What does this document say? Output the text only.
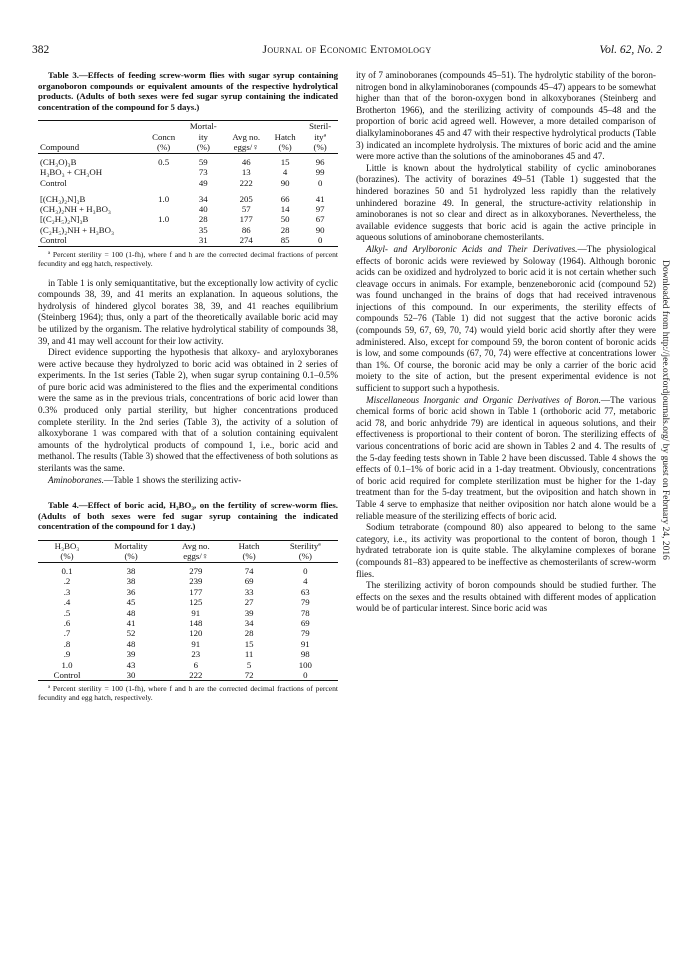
382	Journal of Economic Entomology	Vol. 62, No. 2

Table 3.—Effects of feeding screw-worm flies with sugar syrup containing organoboron compounds or equivalent amounts of the respective hydrolytical products. (Adults of both sexes were fed sugar syrup containing the indicated concentration of the compound for 5 days.)

		Mortal-			Steril-
	Concn	ity	Avg no.	Hatch	ityª
Compound	(%)	(%)	eggs/♀	(%)	(%)
(CH₃O)₃B	0.5	59	46	15	96
H₃BO₃ + CH₃OH		73	13	4	99
Control		49	222	90	0
[(CH₃)₂N]₃B	1.0	34	205	66	41
(CH₃)₂NH + H₃BO₃		40	57	14	97
[(C₂H₅)₂N]₃B	1.0	28	177	50	67
(C₂H₅)₂NH + H₃BO₃		35	86	28	90
Control		31	274	85	0

ª Percent sterility = 100 (1-fh), where f and h are the corrected decimal fractions of percent fecundity and egg hatch, respectively.

in Table 1 is only semiquantitative, but the exceptionally low activity of cyclic compounds 38, 39, and 41 merits an explanation. In aqueous solutions, the hydrolysis of hindered glycol borates 38, 39, and 41 reaches equilibrium (Steinberg 1964); thus, only a part of the theoretically available boric acid may be utilized by the organism. The relative hydrolytical stability of compounds 38, 39, and 41 may well account for their low activity.

Direct evidence supporting the hypothesis that alkoxy- and aryloxyboranes were active because they hydrolyzed to boric acid was obtained in 2 series of experiments. In the 1st series (Table 2), when sugar syrup containing 0.1–0.5% of pure boric acid was administered to the flies and the experimental conditions were the same as in the previous trials, concentrations of boric acid lower than 0.3% produced only partial sterility, but higher concentrations produced complete sterility. In the 2nd series (Table 3), the activity of a solution of alkoxyborane 1 was compared with that of a solution containing equivalent amounts of the hydrolytical products of compound 1, i.e., boric acid and methanol. The results (Table 3) showed that the effectiveness of both solutions as sterilants was the same.

Aminoboranes.—Table 1 shows the sterilizing activ-

Table 4.—Effect of boric acid, H₃BO₃, on the fertility of screw-worm flies. (Adults of both sexes were fed sugar syrup containing the indicated concentration of the compound for 1 day.)

H₃BO₃	Mortality	Avg no.	Hatch	Sterilityª
(%)	(%)	eggs/♀	(%)	(%)
0.1	38	279	74	0
.2	38	239	69	4
.3	36	177	33	63
.4	45	125	27	79
.5	48	91	39	78
.6	41	148	34	69
.7	52	120	28	79
.8	48	91	15	91
.9	39	23	11	98
1.0	43	6	5	100
Control	30	222	72	0

ª Percent sterility = 100 (1-fh), where f and h are the corrected decimal fractions of percent fecundity and egg hatch, respectively.

ity of 7 aminoboranes (compounds 45–51). The hydrolytic stability of the boron-nitrogen bond in alkylaminoboranes (compounds 45–47) appears to be somewhat higher than that of the boron-oxygen bond in alkoxyboranes (Steinberg and Brotherton 1966), and the sterilizing activity of compounds 45–48 and the proportion of boric acid agreed well. However, a more detailed comparison of dialkylaminoboranes 45 and 47 with their respective hydrolytical products (Table 3) indicated an incomplete hydrolysis. The mixtures of boric acid and the amine were more active than the solutions of the aminoboranes 45 and 47.

Little is known about the hydrolytical stability of cyclic aminoboranes (borazines). The activity of borazines 49–51 (Table 1) suggested that the hindered borazines 50 and 51 hydrolyzed less rapidly than the relatively unhindered borazine 49. In general, the structure-activity relationship in aminoboranes is not so clear and direct as in alkoxyboranes. Nevertheless, the available evidence suggests that boric acid is again the active principle in aqueous solutions of aminoborane chemosterilants.

Alkyl- and Arylboronic Acids and Their Derivatives.—The physiological effects of boronic acids were reviewed by Soloway (1964). Although boronic acids can be oxidized and hydrolyzed to boric acid it is not certain whether such cleavage occurs in animals. For example, benzeneboronic acid (compound 52) was found unchanged in the brains of dogs that had received intravenous injections of this compound. In our experiments, the sterility effects of compounds 52–76 (Table 1) did not suggest that the active boronic acids (compounds 59, 67, 69, 70, 74) would yield boric acid shortly after they were administered. Also, except for compound 59, the boron content of boronic acids is low, and some compounds (67, 70, 74) were effective at concentrations lower than 1%. Of course, the boronic acid may be only a carrier of the boric acid moiety to the site of action, but the present experimental evidence is not sufficient to support such a hypothesis.

Miscellaneous Inorganic and Organic Derivatives of Boron.—The various chemical forms of boric acid shown in Table 1 (orthoboric acid 77, metaboric acid 78, and boric anhydride 79) are identical in aqueous solutions, and their effectiveness is proportional to their content of boron. The sterilizing effects of various concentrations of boric acid are shown in Tables 2 and 4. The results of the 5-day feeding tests shown in Table 2 have been discussed. Table 4 shows the effects of 0.1–1% of boric acid in a 1-day treatment. Obviously, concentrations of boric acid required for complete sterilization must be higher for the 1-day treatment than for the 5-day treatment, but the oviposition and hatch shown in Table 4 serve to emphasize that neither oviposition nor hatch alone would be a reliable measure of the sterilizing effects of boric acid.

Sodium tetraborate (compound 80) also appeared to belong to the same category, i.e., its activity was proportional to the content of boron, though 1 hydrated tetraborate ion is quite stable. The alkylamine complexes of borane (compounds 81–83) appeared to be ineffective as chemosterilants of screw-worm flies.

The sterilizing activity of boron compounds should be studied further. The effects on the sexes and the results obtained with different modes of application would be of particular interest. Since boric acid was

Downloaded from http://jee.oxfordjournals.org/ by guest on February 24, 2016
